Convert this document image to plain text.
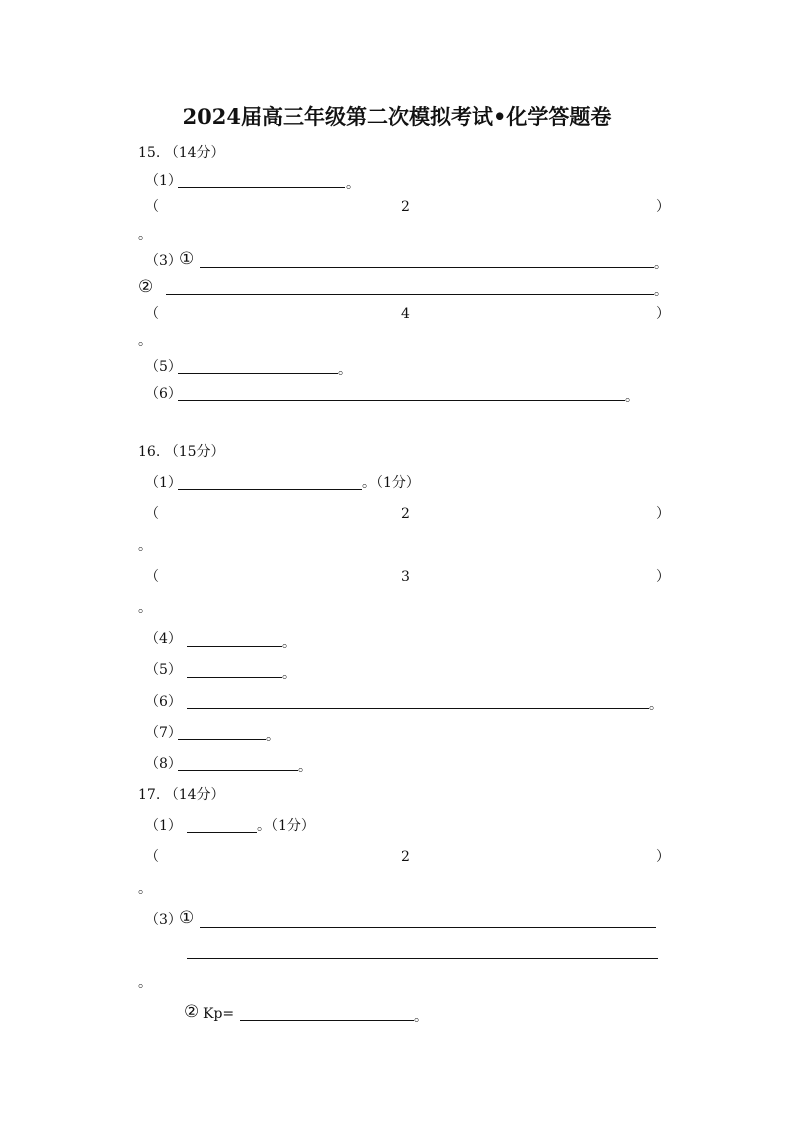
2024届高三年级第二次模拟考试•化学答题卷
15. （14分）
（1）	。
（	2	）
。
（3）
①	。
②	。
（	4	）
。
（5）	。
（6）	。
16. （15分）
（1）	。（1分）
（	2	）
。
（	3	）
。
（4）	。
（5）	。
（6）	。
（7）	。
（8）	。
17. （14分）
（1）	。（1分）
（	2	）
。
（3）
①
。
② Kp=	。
